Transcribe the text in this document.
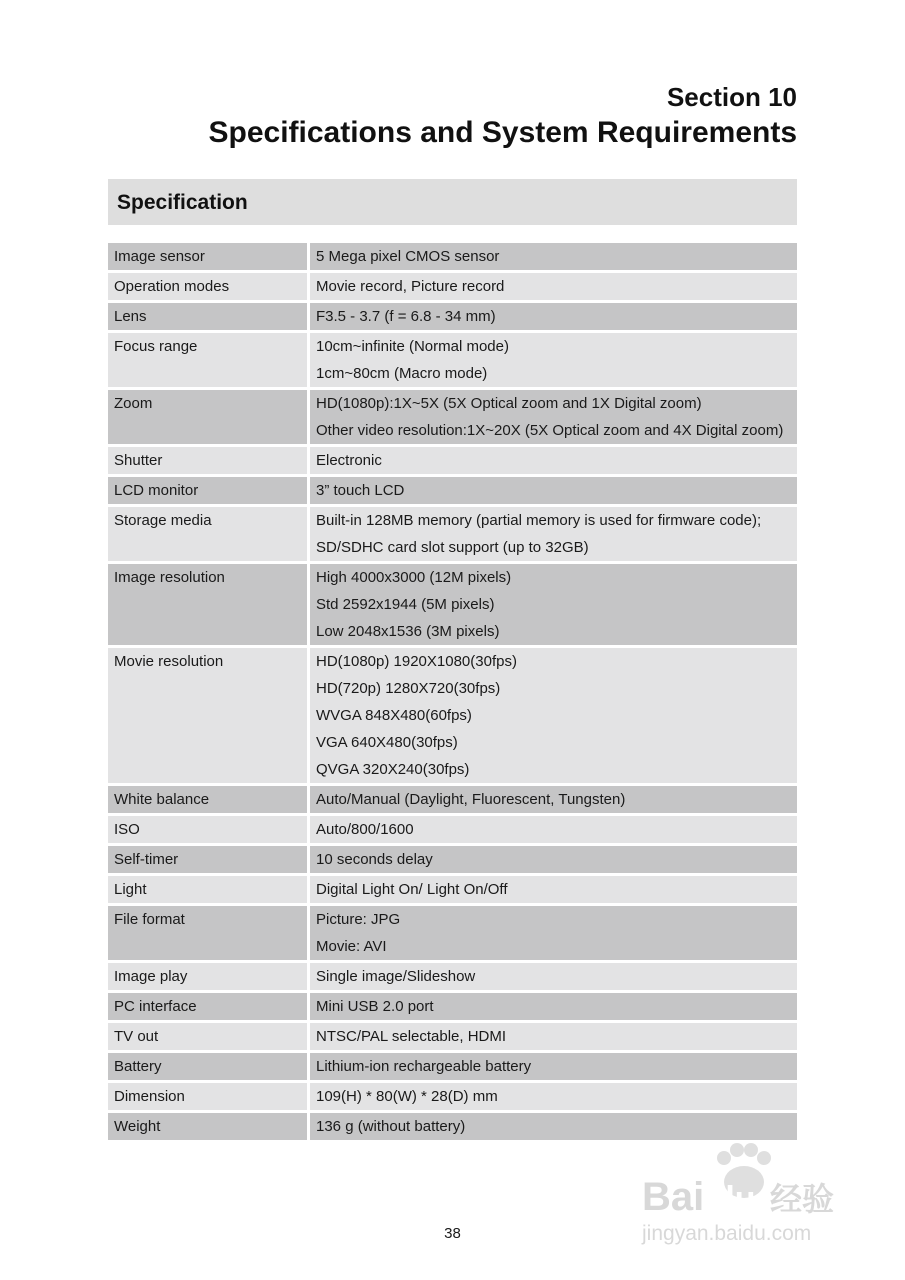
Section 10
Specifications and System Requirements
Specification
Image sensor		5 Mega pixel CMOS sensor

Operation modes		Movie record, Picture record

Lens		F3.5 - 3.7 (f = 6.8 - 34 mm)

Focus range		10cm~infinite (Normal mode)
1cm~80cm (Macro mode)

Zoom		HD(1080p):1X~5X (5X Optical zoom and 1X Digital zoom)
Other video resolution:1X~20X (5X Optical zoom and 4X Digital zoom)

Shutter		Electronic

LCD monitor		3” touch LCD

Storage media		Built-in 128MB memory (partial memory is used for firmware code);
SD/SDHC card slot support (up to 32GB)

Image resolution		High 4000x3000 (12M pixels)
Std 2592x1944 (5M pixels)
Low 2048x1536 (3M pixels)

Movie resolution		HD(1080p) 1920X1080(30fps)
HD(720p) 1280X720(30fps)
WVGA 848X480(60fps)
VGA 640X480(30fps)
QVGA 320X240(30fps)

White balance		Auto/Manual (Daylight, Fluorescent, Tungsten)

ISO		Auto/800/1600

Self-timer		10 seconds delay

Light		Digital Light On/ Light On/Off

File format		Picture: JPG
Movie: AVI

Image play		Single image/Slideshow

PC interface		Mini USB 2.0 port

TV out		NTSC/PAL selectable, HDMI

Battery		Lithium-ion rechargeable battery

Dimension		109(H) * 80(W) * 28(D) mm

Weight		136 g (without battery)
38
Bai du 经验
jingyan.baidu.com
